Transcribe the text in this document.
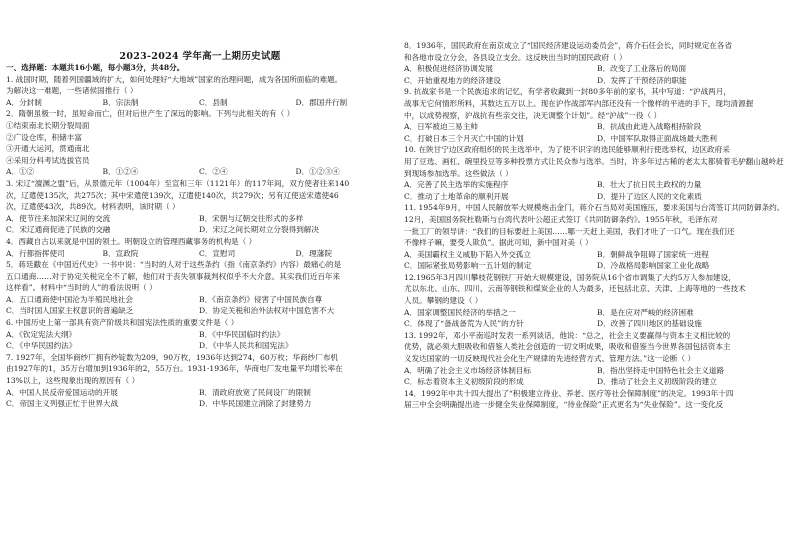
2023-2024 学年高一上期历史试题
一、选择题：本题共16小题，每小题3分，共48分。
1. 战国时期，随着列国疆域的扩大，如何处理好“大地域”国家的治理问题，成为各国所面临的难题。
为解决这一难题，一些诸侯国推行（ ）
A．分封制	B．宗法制	C．县制	D．郡国并行制
2．隋朝虽极一时，虽短命而亡，但对后世产生了深远的影响。下列与此相关的有（ ）
①结束南北长期分裂局面
②广设仓库，积储丰富
③开通大运河，贯通南北
④采用分科考试选拔官员
A．①②	B．①②④	C．②④	D．①②③④
3. 宋辽“澶渊之盟”后，从景德元年（1004年）至宣和三年（1121年）的117年间，双方使者往来140
次，辽遣使135次，共275次；其中宋遣使139次，辽遣使140次，共279次；另有辽使送宋遣使46
次，辽遣使43次，共89次。材料表明，该时期（ ）
A．使节往来加深宋辽间的交流	B．宋朝与辽朝交往形式的多样
C．宋辽通商促进了民族的交融	D．宋辽之间长期对立分裂得到解决
4．西藏自古以来就是中国的领土。明朝设立的管理西藏事务的机构是（ ）
A．行都指挥使司	B．宣政院	C．宣慰司	D．理藩院
5．蒋廷黻在《中国近代史》一书中说：“当时的人对于这些条约（指《南京条约》内容）最痛心的是
五口通商……对于协定关税完全不了解，他们对于丧失领事裁判权似乎不大介意。其实我们近百年来
这样看”。材料中“当时的人”的看法说明（ ）
A．五口通商使中国沦为半殖民地社会	B．《南京条约》侵害了中国民族自尊
C．当时国人国家主权意识的普遍缺乏	D．协定关税和治外法权对中国危害不大
6. 中国历史上第一部具有资产阶级共和国宪法性质的重要文件是（ ）
A．《钦定宪法大纲》	B．《中华民国临时约法》
C．《中华民国约法》	D．《中华人民共和国宪法》
7. 1927年，全国华商纱厂拥有纱锭数为209，90万枚，1936年达到274，60万枚；华商纱厂布机
由1927年的1，35万台增加到1936年的2，55万台。1931-1936年，华商电厂发电量平均增长率在
13%以上，这些现象出现的原因有（ ）
A．中国人民反帝爱国运动的开展	B．清政府放宽了民间设厂的限制
C．帝国主义列强正忙于世界大战	D．中华民国建立消除了封建势力
8．1936年，国民政府在南京成立了“国民经济建设运动委员会”，蒋介石任会长，同时规定在各省
和各地市设立分会，各县设立支会。这反映出当时的国民政府（ ）
A．积极促进经济协调发展	B．改变了工业落后的局面
C．开始重视地方的经济建设	D．发挥了干预经济的职能
9. 抗战家书是一个民族追求的记忆，有学者收藏到一封80多年前的家书，其中写道：“沪战两月，
战事无它何情形所料，其数达五万以上。现在沪作战部军内部还没有一个像样的平进的手下，现均清源握
中，以成势视察，沪战抗有些亲交往，决无调整个计划”。经“沪战”一役（ ）
A．日军被迫三易主帅	B．抗战由此进入战略相持阶段
C．打破日本三个月灭亡中国的计划	D．中国军队取得正面战场最大胜利
10. 在陕甘宁边区政府组织的民主选举中，为了使不识字的选民能够顺利行使选举权，边区政府采
用了豆选、画杠、碗里投豆等多种投票方式让民众参与选举。当时，许多年过古稀的老太太都骑着毛驴翻山越岭赶
到现场参加选举。这些做法（ ）
A．完善了民主选举的实施程序	B．壮大了抗日民主政权的力量
C．推动了土地革命的顺利开展	D．提升了边区人民的文化素质
11. 1954年9月，中国人民解放军大规模炮击金门，蒋介石当局对美国施压，要求美国与台湾签订共同防御条约。
12月，美国国务院杜勒斯与台湾代表叶公超正式签订《共同防御条约》。1955年秋，毛泽东对
一批工厂的领导讲：“我们的目标要赶上美国……哪一天赶上美国，我们才吐了一口气。现在我们还
不像样子嘛，要受人欺负”。据此可知，新中国对美（ ）
A．美国霸权主义威胁下陷入外交孤立	B．朝鲜战争阻碍了国家统一进程
C．国际紧张局势影响一五计划的制定	D．冷战格局影响国家工业化战略
12.1965年3月四川攀枝花钢铁厂开始大规模建设，国务院从16个省市调集了大约5万人参加建设，
尤以东北、山东、四川、云南等钢铁和煤炭企业的人为最多，还包括北京、天津、上海等地的一些技术
人员。攀钢的建设（ ）
A．国家调整国民经济的举措之一	B．是在应对严峻的经济困难
C．体现了“备战备荒为人民”的方针	D．改善了四川地区的基础设施
13. 1992年，邓小平南巡时发表一系列谈话，他说：“总之，社会主义要赢得与资本主义相比较的
优势，就必须大胆吸收和借鉴人类社会创造的一切文明成果，吸收和借鉴当今世界各国包括资本主
义发达国家的一切反映现代社会化生产规律的先进经营方式、管理方法。”这一论断（ ）
A．明确了社会主义市场经济体制目标	B．指出坚持走中国特色社会主义道路
C．标志着资本主义初级阶段的形成	D．推动了社会主义初级阶段的建立
14．1992年中共十四大提出了“积极建立待业、养老、医疗等社会保障制度”的决定。1993年十四
届三中全会明确提出进一步健全失业保障制度，“待业保险”正式更名为“失业保险”。这一变化反
